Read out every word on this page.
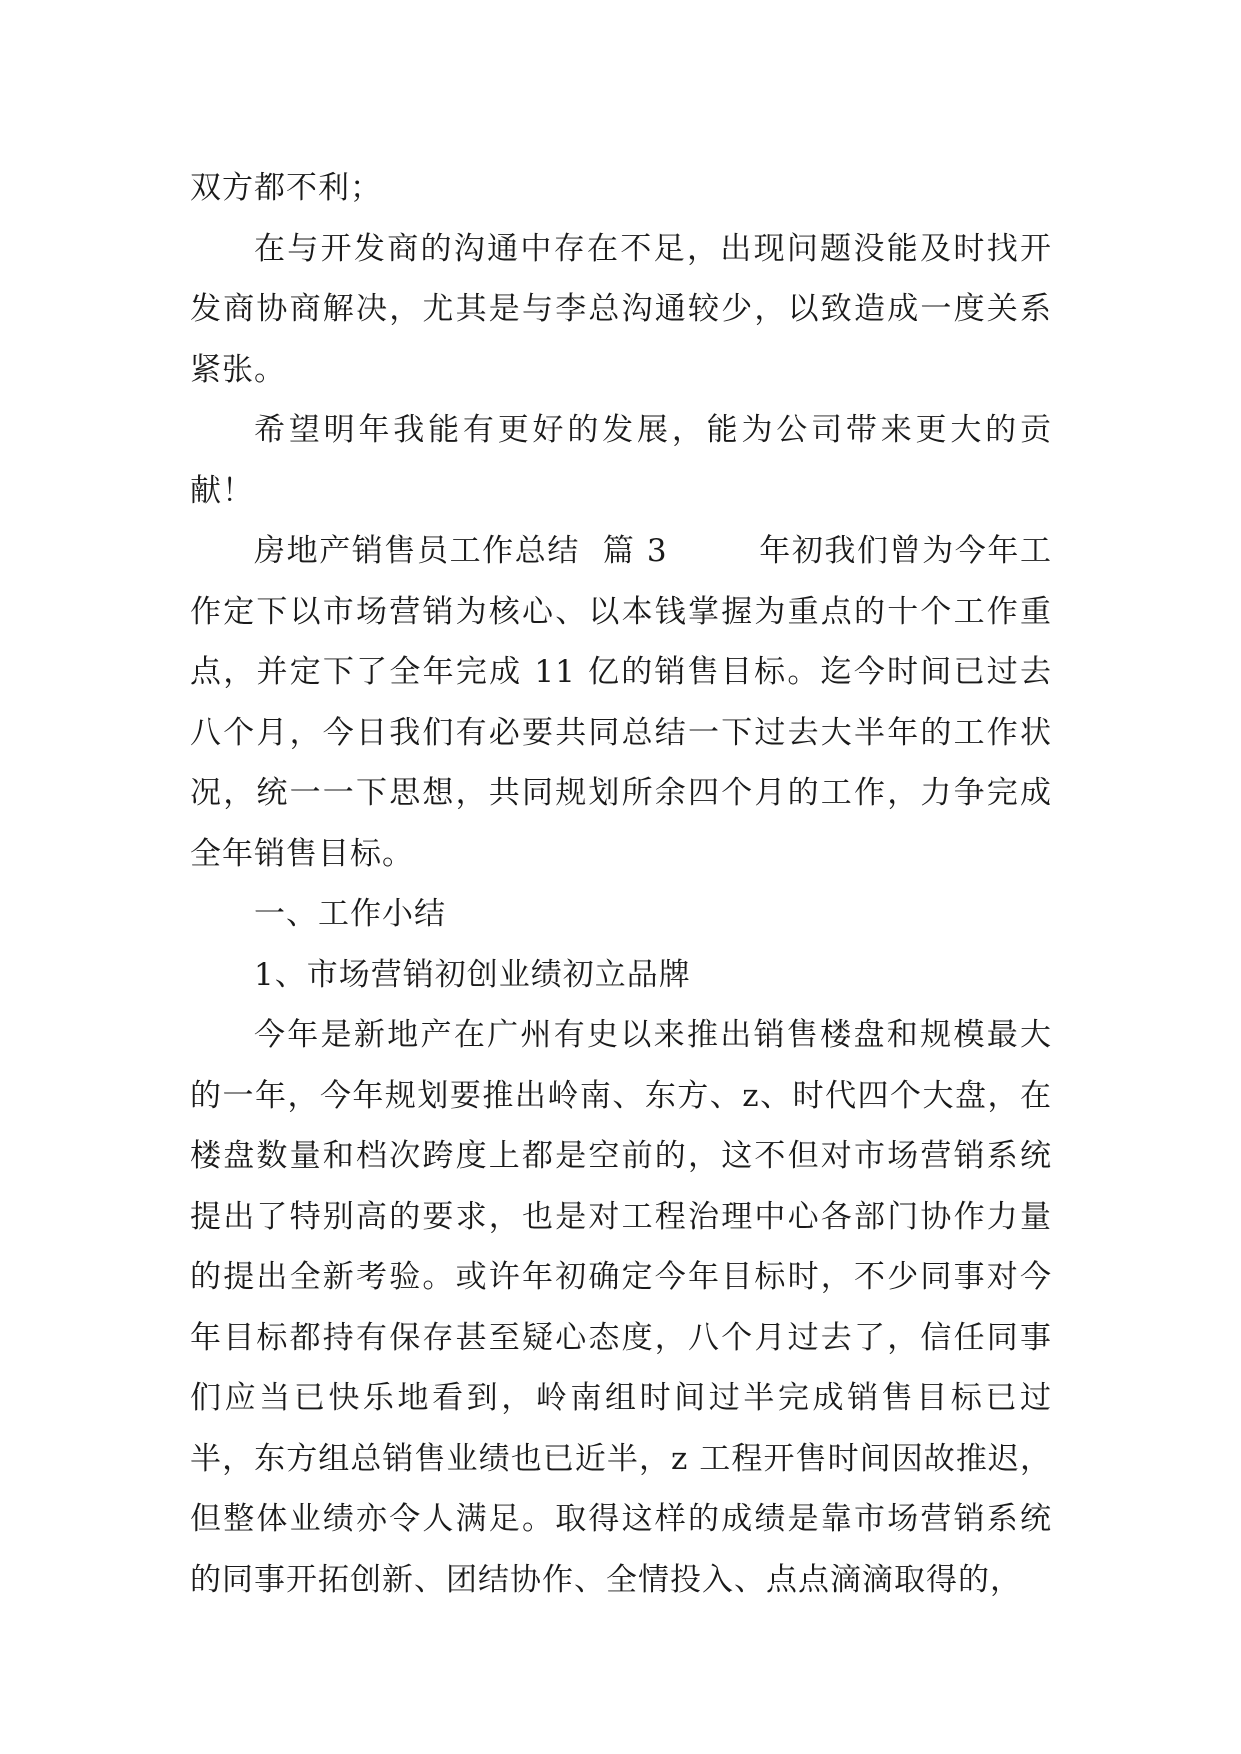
双方都不利；

在与开发商的沟通中存在不足，出现问题没能及时找开发商协商解决，尤其是与李总沟通较少，以致造成一度关系紧张。

希望明年我能有更好的发展，能为公司带来更大的贡献！

房地产销售员工作总结  篇 3        年初我们曾为今年工作定下以市场营销为核心、以本钱掌握为重点的十个工作重点，并定下了全年完成 11 亿的销售目标。迄今时间已过去八个月，今日我们有必要共同总结一下过去大半年的工作状况，统一一下思想，共同规划所余四个月的工作，力争完成全年销售目标。

一、工作小结

1、市场营销初创业绩初立品牌

今年是新地产在广州有史以来推出销售楼盘和规模最大的一年，今年规划要推出岭南、东方、z、时代四个大盘，在楼盘数量和档次跨度上都是空前的，这不但对市场营销系统提出了特别高的要求，也是对工程治理中心各部门协作力量的提出全新考验。或许年初确定今年目标时，不少同事对今年目标都持有保存甚至疑心态度，八个月过去了，信任同事们应当已快乐地看到，岭南组时间过半完成销售目标已过半，东方组总销售业绩也已近半，z 工程开售时间因故推迟，但整体业绩亦令人满足。取得这样的成绩是靠市场营销系统的同事开拓创新、团结协作、全情投入、点点滴滴取得的，
